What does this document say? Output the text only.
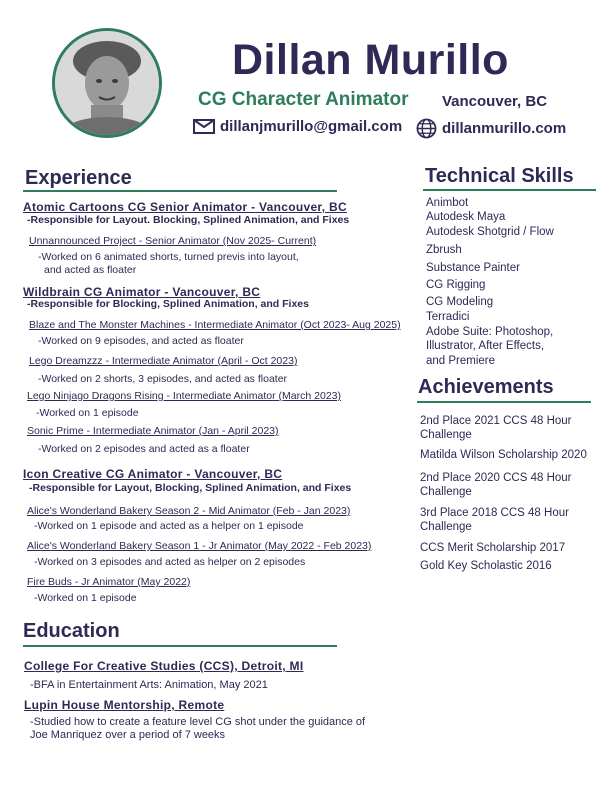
Dillan Murillo
CG Character Animator Vancouver, BC
dillanjmurillo@gmail.com	dillanmurillo.com
Experience
Atomic Cartoons CG Senior Animator - Vancouver, BC
-Responsible for Layout. Blocking, Splined Animation, and Fixes
Unnannounced Project - Senior Animator (Nov 2025- Current)
-Worked on 6 animated shorts, turned previs into layout,
and acted as floater
Wildbrain CG Animator - Vancouver, BC
-Responsible for Blocking, Splined Animation, and Fixes
Blaze and The Monster Machines - Intermediate Animator (Oct 2023- Aug 2025)
-Worked on 9 episodes, and acted as floater
Lego Dreamzzz - Intermediate Animator (April - Oct 2023)
-Worked on 2 shorts, 3 episodes, and acted as floater
Lego Ninjago Dragons Rising - Intermediate Animator (March 2023)
-Worked on 1 episode
Sonic Prime - Intermediate Animator (Jan - April 2023)
-Worked on 2 episodes and acted as a floater
Icon Creative CG Animator - Vancouver, BC
-Responsible for Layout, Blocking, Splined Animation, and Fixes
Alice's Wonderland Bakery Season 2 - Mid Animator (Feb - Jan 2023)
-Worked on 1 episode and acted as a helper on 1 episode
Alice's Wonderland Bakery Season 1 - Jr Animator (May 2022 - Feb 2023)
-Worked on 3 episodes and acted as helper on 2 episodes
Fire Buds - Jr Animator (May 2022)
-Worked on 1 episode
Education
College For Creative Studies (CCS), Detroit, MI
-BFA in Entertainment Arts: Animation, May 2021
Lupin House Mentorship, Remote
-Studied how to create a feature level CG shot under the guidance of
Joe Manriquez over a period of 7 weeks
Technical Skills
Animbot
Autodesk Maya
Autodesk Shotgrid / Flow
Zbrush
Substance Painter
CG Rigging
CG Modeling
Terradici
Adobe Suite: Photoshop,
Illustrator, After Effects,
and Premiere
Achievements
2nd Place 2021 CCS 48 Hour
Challenge
Matilda Wilson Scholarship 2020
2nd Place 2020 CCS 48 Hour
Challenge
3rd Place 2018 CCS 48 Hour
Challenge
CCS Merit Scholarship 2017
Gold Key Scholastic 2016
